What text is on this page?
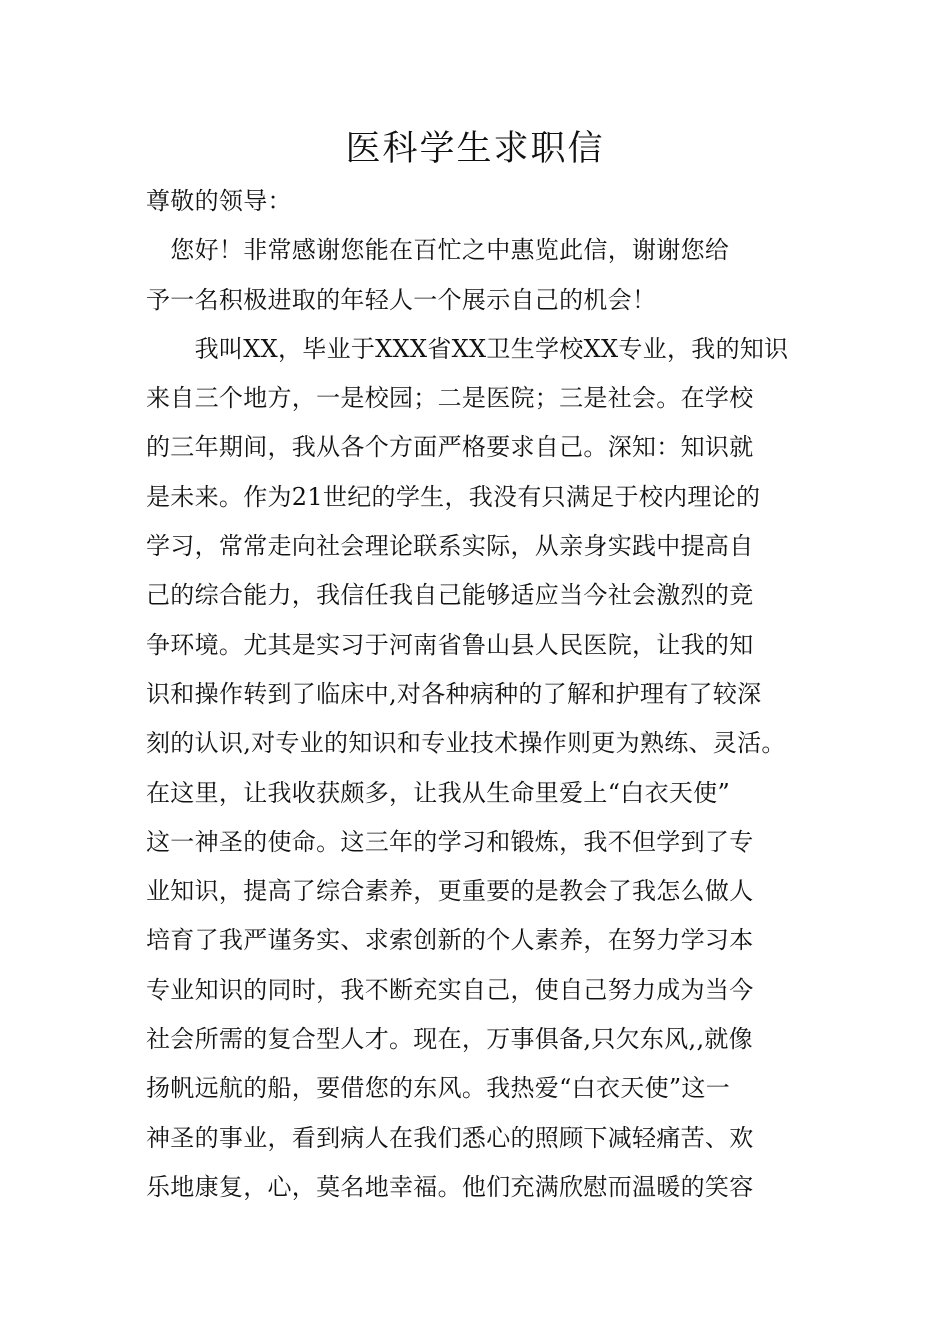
医科学生求职信
尊敬的领导：
　您好！非常感谢您能在百忙之中惠览此信，谢谢您给
予一名积极进取的年轻人一个展示自己的机会！
　　我叫XX，毕业于XXX省XX卫生学校XX专业，我的知识
来自三个地方，一是校园；二是医院；三是社会。在学校
的三年期间，我从各个方面严格要求自己。深知：知识就
是未来。作为21世纪的学生，我没有只满足于校内理论的
学习，常常走向社会理论联系实际，从亲身实践中提高自
己的综合能力，我信任我自己能够适应当今社会激烈的竞
争环境。尤其是实习于河南省鲁山县人民医院，让我的知
识和操作转到了临床中,对各种病种的了解和护理有了较深
刻的认识,对专业的知识和专业技术操作则更为熟练、灵活。
在这里，让我收获颇多，让我从生命里爱上“白衣天使”
这一神圣的使命。这三年的学习和锻炼，我不但学到了专
业知识，提高了综合素养，更重要的是教会了我怎么做人
培育了我严谨务实、求索创新的个人素养，在努力学习本
专业知识的同时，我不断充实自己，使自己努力成为当今
社会所需的复合型人才。现在，万事俱备,只欠东风,,就像
扬帆远航的船，要借您的东风。我热爱“白衣天使”这一
神圣的事业，看到病人在我们悉心的照顾下减轻痛苦、欢
乐地康复，心，莫名地幸福。他们充满欣慰而温暖的笑容
